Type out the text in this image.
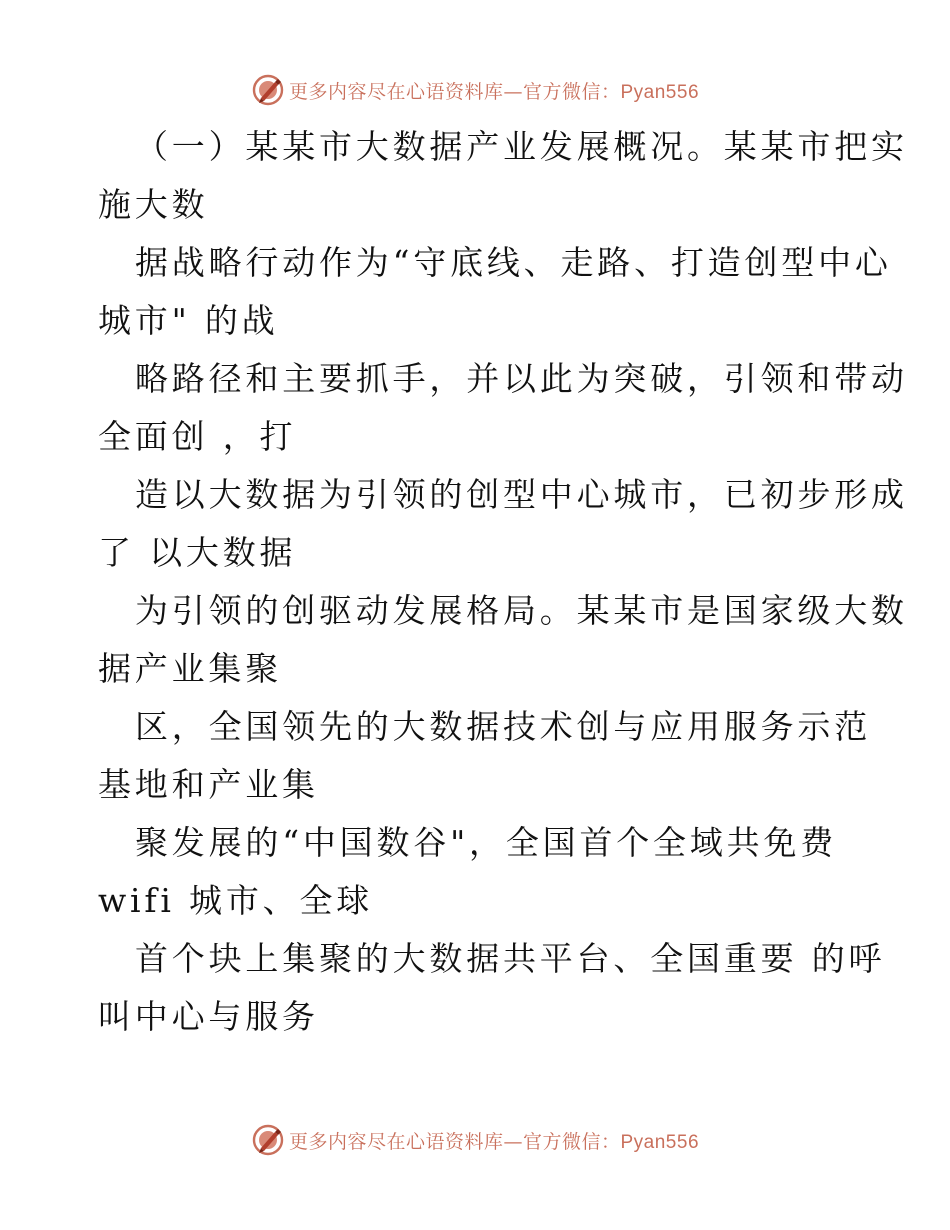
更多内容尽在心语资料库—官方微信：Pyan556
（一）某某市大数据产业发展概况。某某市把实
施大数
据战略行动作为“守底线、走路、打造创型中心
城市" 的战
略路径和主要抓手，并以此为突破，引领和带动
全面创 ，打
造以大数据为引领的创型中心城市，已初步形成
了 以大数据
为引领的创驱动发展格局。某某市是国家级大数
据产业集聚
区，全国领先的大数据技术创与应用服务示范
基地和产业集
聚发展的“中国数谷"，全国首个全域共免费
wifi 城市、全球
首个块上集聚的大数据共平台、全国重要 的呼
叫中心与服务
更多内容尽在心语资料库—官方微信：Pyan556
